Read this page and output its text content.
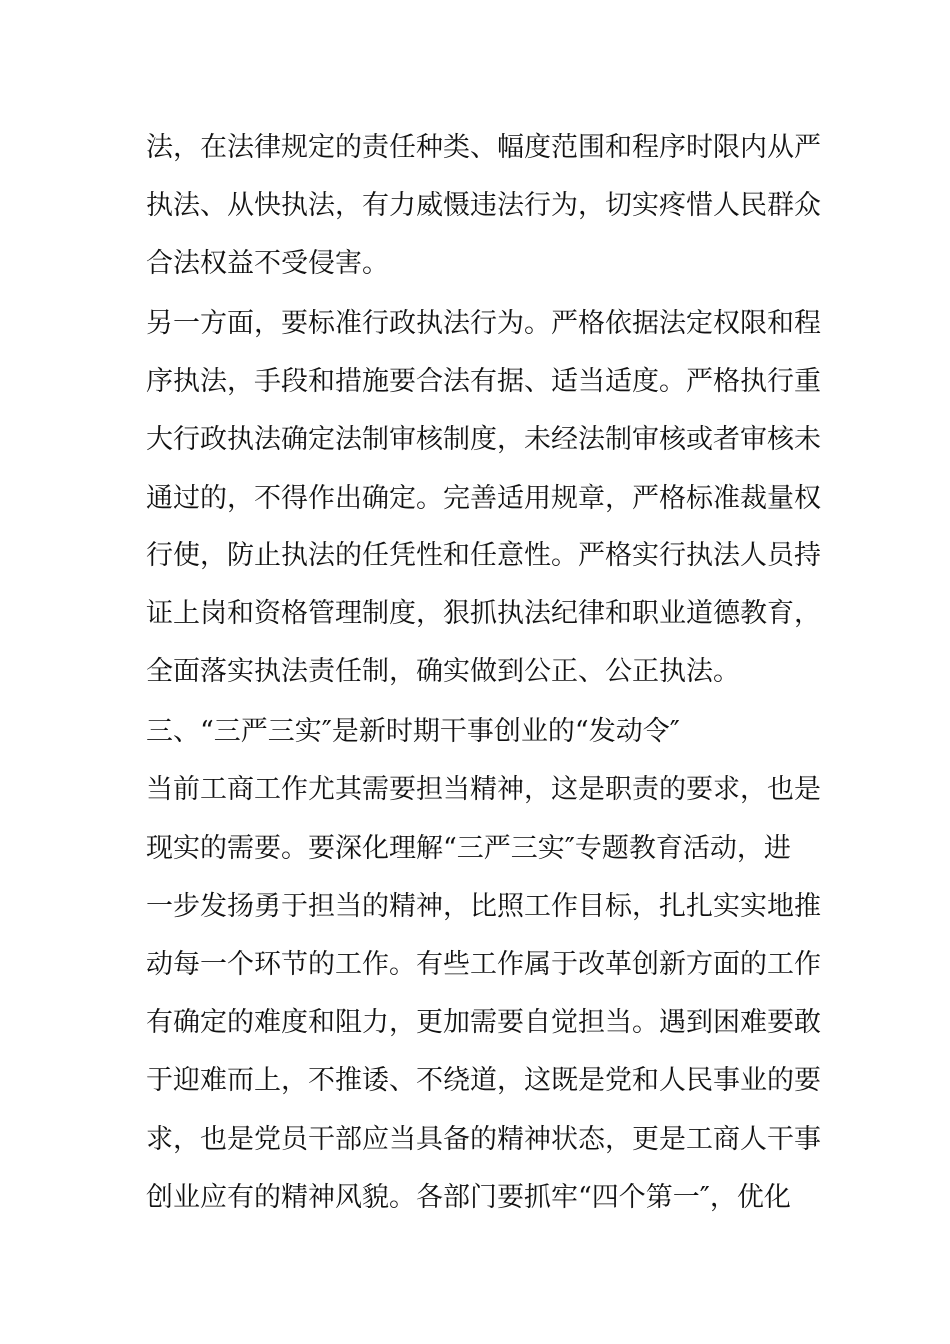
法，在法律规定的责任种类、幅度范围和程序时限内从严
执法、从快执法，有力威慑违法行为，切实疼惜人民群众
合法权益不受侵害。
另一方面，要标准行政执法行为。严格依据法定权限和程
序执法，手段和措施要合法有据、适当适度。严格执行重
大行政执法确定法制审核制度，未经法制审核或者审核未
通过的，不得作出确定。完善适用规章，严格标准裁量权
行使，防止执法的任凭性和任意性。严格实行执法人员持
证上岗和资格管理制度，狠抓执法纪律和职业道德教育，
全面落实执法责任制，确实做到公正、公正执法。
三、“三严三实″是新时期干事创业的“发动令″
当前工商工作尤其需要担当精神，这是职责的要求，也是
现实的需要。要深化理解“三严三实″专题教育活动，进
一步发扬勇于担当的精神，比照工作目标，扎扎实实地推
动每一个环节的工作。有些工作属于改革创新方面的工作
有确定的难度和阻力，更加需要自觉担当。遇到困难要敢
于迎难而上，不推诿、不绕道，这既是党和人民事业的要
求，也是党员干部应当具备的精神状态，更是工商人干事
创业应有的精神风貌。各部门要抓牢“四个第一″，优化
